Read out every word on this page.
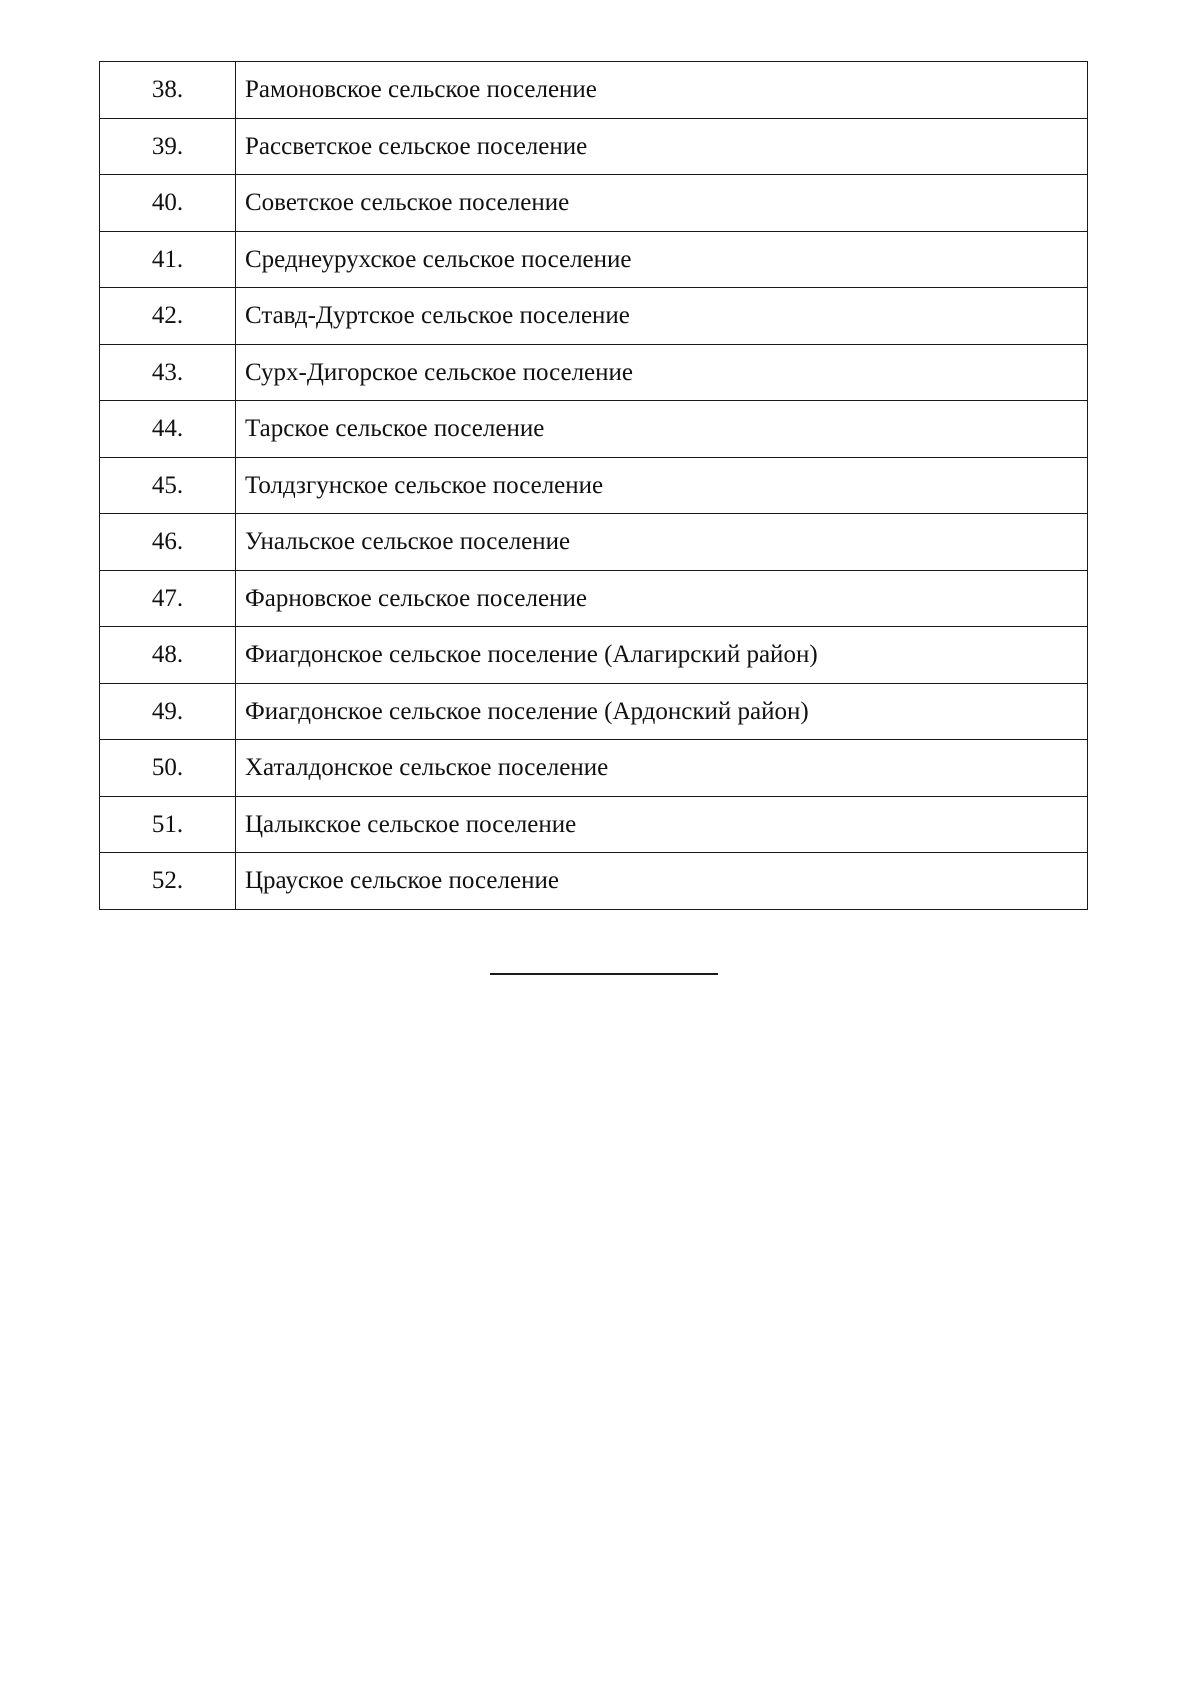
38.	Рамоновское сельское поселение
39.	Рассветское сельское поселение
40.	Советское сельское поселение
41.	Среднеурухское сельское поселение
42.	Ставд-Дуртское сельское поселение
43.	Сурх-Дигорское сельское поселение
44.	Тарское сельское поселение
45.	Толдзгунское сельское поселение
46.	Унальское сельское поселение
47.	Фарновское сельское поселение
48.	Фиагдонское сельское поселение (Алагирский район)
49.	Фиагдонское сельское поселение (Ардонский район)
50.	Хаталдонское сельское поселение
51.	Цалыкское сельское поселение
52.	Црауское сельское поселение
